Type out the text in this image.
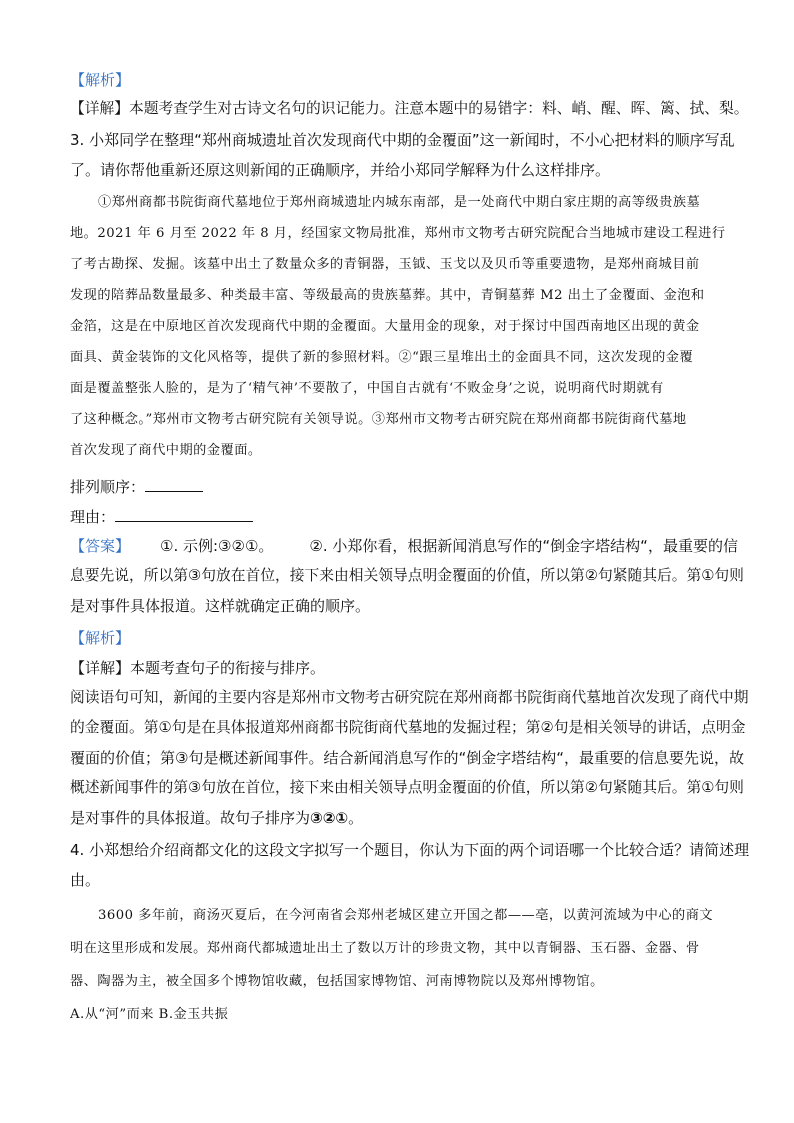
【解析】
【详解】本题考查学生对古诗文名句的识记能力。注意本题中的易错字：料、峭、醒、晖、篱、拭、梨。
3. 小郑同学在整理“郑州商城遗址首次发现商代中期的金覆面”这一新闻时，不小心把材料的顺序写乱
了。请你帮他重新还原这则新闻的正确顺序，并给小郑同学解释为什么这样排序。
①郑州商都书院街商代墓地位于郑州商城遗址内城东南部，是一处商代中期白家庄期的高等级贵族墓
地。2021 年 6 月至 2022 年 8 月，经国家文物局批准，郑州市文物考古研究院配合当地城市建设工程进行
了考古勘探、发掘。该墓中出土了数量众多的青铜器，玉钺、玉戈以及贝币等重要遗物，是郑州商城目前
发现的陪葬品数量最多、种类最丰富、等级最高的贵族墓葬。其中，青铜墓葬 M2 出土了金覆面、金泡和
金箔，这是在中原地区首次发现商代中期的金覆面。大量用金的现象，对于探讨中国西南地区出现的黄金
面具、黄金装饰的文化风格等，提供了新的参照材料。②“跟三星堆出土的金面具不同，这次发现的金覆
面是覆盖整张人脸的，是为了‘精气神’不要散了，中国自古就有‘不败金身’之说，说明商代时期就有
了这种概念。”郑州市文物考古研究院有关领导说。③郑州市文物考古研究院在郑州商都书院街商代墓地
首次发现了商代中期的金覆面。
排列顺序：
理由：
【答案】 ①. 示例:③②①。 ②. 小郑你看，根据新闻消息写作的“倒金字塔结构“，最重要的信
息要先说，所以第③句放在首位，接下来由相关领导点明金覆面的价值，所以第②句紧随其后。第①句则
是对事件具体报道。这样就确定正确的顺序。
【解析】
【详解】本题考查句子的衔接与排序。
阅读语句可知，新闻的主要内容是郑州市文物考古研究院在郑州商都书院街商代墓地首次发现了商代中期
的金覆面。第①句是在具体报道郑州商都书院街商代墓地的发掘过程；第②句是相关领导的讲话，点明金
覆面的价值；第③句是概述新闻事件。结合新闻消息写作的“倒金字塔结构“，最重要的信息要先说，故
概述新闻事件的第③句放在首位，接下来由相关领导点明金覆面的价值，所以第②句紧随其后。第①句则
是对事件的具体报道。故句子排序为③②①。
4. 小郑想给介绍商都文化的这段文字拟写一个题目，你认为下面的两个词语哪一个比较合适？请简述理
由。
3600 多年前，商汤灭夏后，在今河南省会郑州老城区建立开国之都——亳，以黄河流域为中心的商文
明在这里形成和发展。郑州商代都城遗址出土了数以万计的珍贵文物，其中以青铜器、玉石器、金器、骨
器、陶器为主，被全国多个博物馆收藏，包括国家博物馆、河南博物院以及郑州博物馆。
A.从“河”而来 B.金玉共振
